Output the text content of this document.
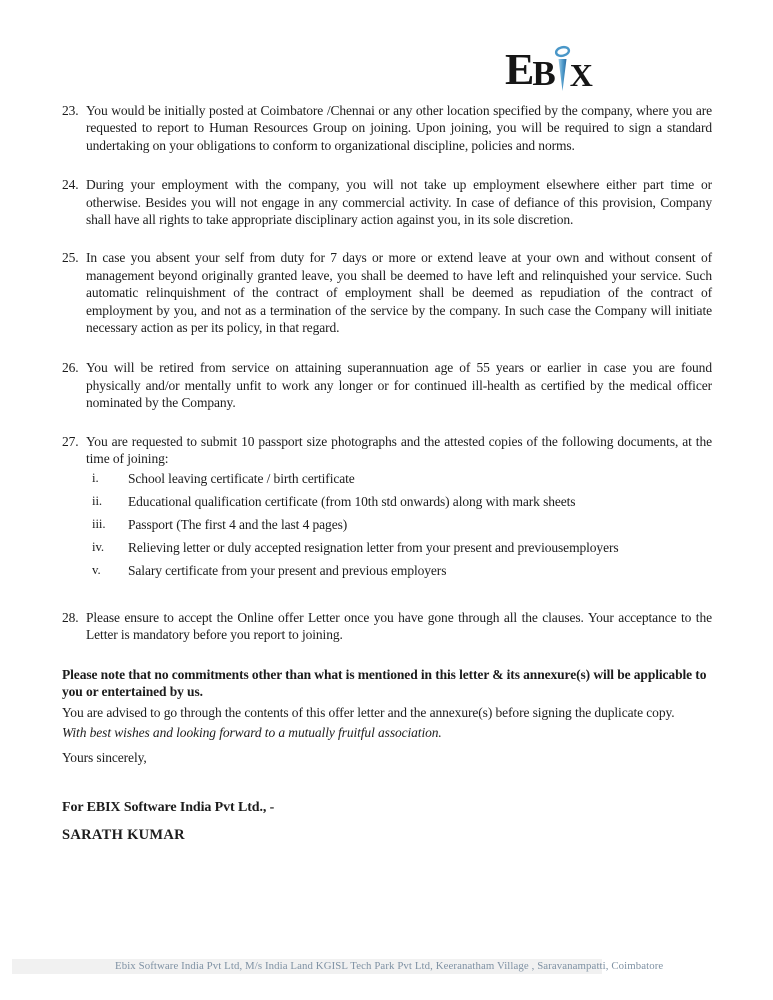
E B X
23. You would be initially posted at Coimbatore /Chennai or any other location specified by the company, where you are requested to report to Human Resources Group on joining. Upon joining, you will be required to sign a standard undertaking on your obligations to conform to organizational discipline, policies and norms.

24. During your employment with the company, you will not take up employment elsewhere either part time or otherwise. Besides you will not engage in any commercial activity. In case of defiance of this provision, Company shall have all rights to take appropriate disciplinary action against you, in its sole discretion.

25. In case you absent your self from duty for 7 days or more or extend leave at your own and without consent of management beyond originally granted leave, you shall be deemed to have left and relinquished your service. Such automatic relinquishment of the contract of employment shall be deemed as repudiation of the contract of employment by you, and not as a termination of the service by the company. In such case the Company will initiate necessary action as per its policy, in that regard.

26. You will be retired from service on attaining superannuation age of 55 years or earlier in case you are found physically and/or mentally unfit to work any longer or for continued ill-health as certified by the medical officer nominated by the Company.

27. You are requested to submit 10 passport size photographs and the attested copies of the following documents, at the time of joining:

i.	School leaving certificate / birth certificate
ii.	Educational qualification certificate (from 10th std onwards) along with mark sheets
iii.	Passport (The first 4 and the last 4 pages)
iv.	Relieving letter or duly accepted resignation letter from your present and previousemployers
v.	Salary certificate from your present and previous employers
28. Please ensure to accept the Online offer Letter once you have gone through all the clauses. Your acceptance to the Letter is mandatory before you report to joining.

Please note that no commitments other than what is mentioned in this letter & its annexure(s) will be applicable to you or entertained by us.

You are advised to go through the contents of this offer letter and the annexure(s) before signing the duplicate copy.

With best wishes and looking forward to a mutually fruitful association.

Yours sincerely,

For EBIX Software India Pvt Ltd., -

SARATH KUMAR

Ebix Software India Pvt Ltd, M/s India Land KGISL Tech Park Pvt Ltd, Keeranatham Village , Saravanampatti, Coimbatore
